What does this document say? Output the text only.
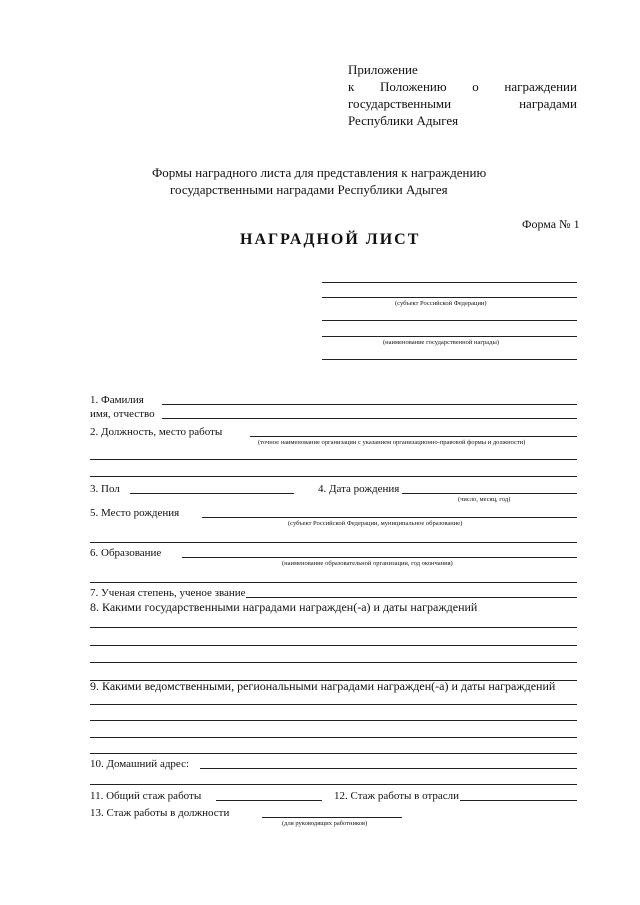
Приложение
к Положению о награждении
государственными	наградами
Республики Адыгея
Формы наградного листа для представления к награждению
государственными наградами Республики Адыгея
Форма № 1
НАГРАДНОЙ ЛИСТ
(субъект Российской Федерации)
(наименование государственной награды)
1. Фамилия
имя, отчество
2. Должность, место работы
(точное наименование организации с указанием организационно-правовой формы и должности)
3. Пол	4. Дата рождения
(число, месяц, год)
5. Место рождения
(субъект Российской Федерации, муниципальное образование)
6. Образование
(наименование образовательной организации, год окончания)
7. Ученая степень, ученое звание
8. Какими государственными наградами награжден(-а) и даты награждений
9. Какими ведомственными, региональными наградами награжден(-а) и даты награждений
10. Домашний адрес:
11. Общий стаж работы	12. Стаж работы в отрасли
13. Стаж работы в должности
(для руководящих работников)
